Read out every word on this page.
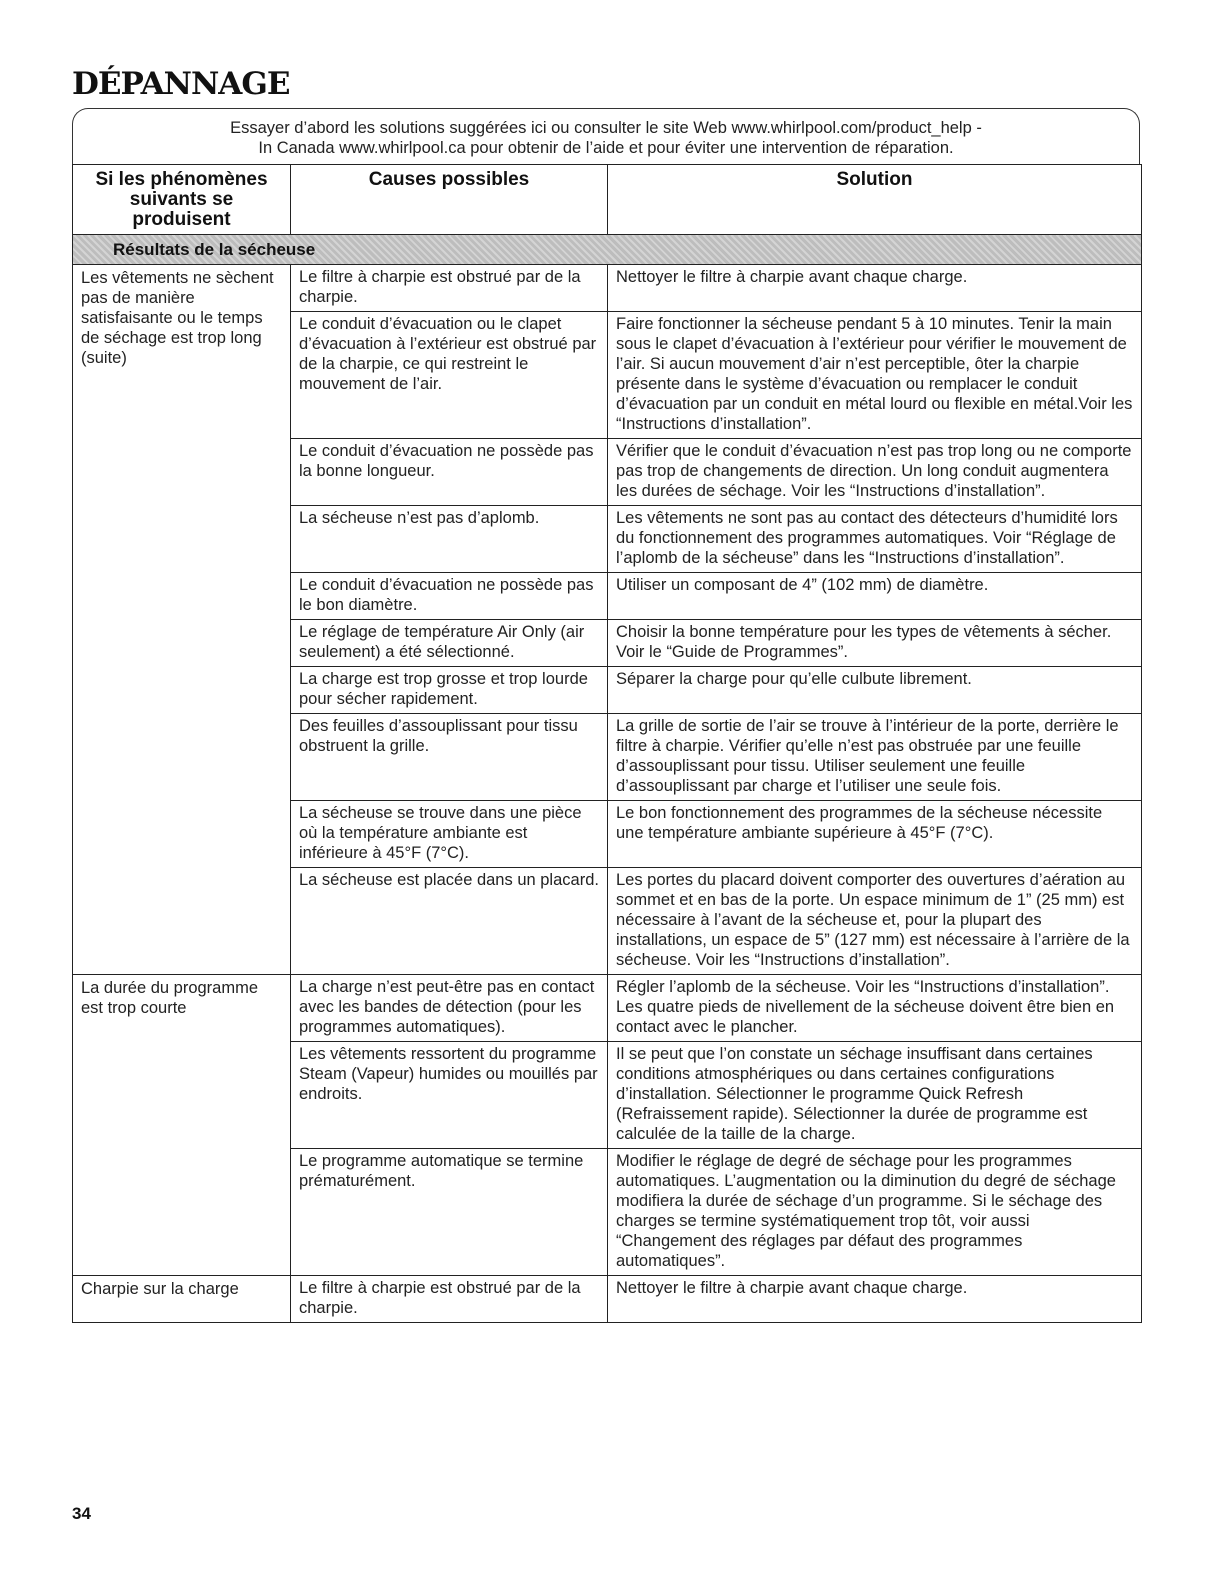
DÉPANNAGE
Essayer d’abord les solutions suggérées ici ou consulter le site Web www.whirlpool.com/product_help -
In Canada www.whirlpool.ca pour obtenir de l’aide et pour éviter une intervention de réparation.
Si les phénomènes suivants se produisent	Causes possibles	Solution
Résultats de la sécheuse		
Les vêtements ne sèchent pas de manière satisfaisante ou le temps de séchage est trop long (suite)	Le filtre à charpie est obstrué par de la charpie.	Nettoyer le filtre à charpie avant chaque charge.
	Le conduit d’évacuation ou le clapet d’évacuation à l’extérieur est obstrué par de la charpie, ce qui restreint le mouvement de l’air.	Faire fonctionner la sécheuse pendant 5 à 10 minutes. Tenir la main sous le clapet d’évacuation à l’extérieur pour vérifier le mouvement de l’air. Si aucun mouvement d’air n’est perceptible, ôter la charpie présente dans le système d’évacuation ou remplacer le conduit d’évacuation par un conduit en métal lourd ou flexible en métal.Voir les “Instructions d’installation”.
	Le conduit d’évacuation ne possède pas la bonne longueur.	Vérifier que le conduit d’évacuation n’est pas trop long ou ne comporte pas trop de changements de direction. Un long conduit augmentera les durées de séchage. Voir les “Instructions d’installation”.
	La sécheuse n’est pas d’aplomb.	Les vêtements ne sont pas au contact des détecteurs d’humidité lors du fonctionnement des programmes automatiques. Voir “Réglage de l’aplomb de la sécheuse” dans les “Instructions d’installation”.
	Le conduit d’évacuation ne possède pas le bon diamètre.	Utiliser un composant de 4” (102 mm) de diamètre.
	Le réglage de température Air Only (air seulement) a été sélectionné.	Choisir la bonne température pour les types de vêtements à sécher. Voir le “Guide de Programmes”.
	La charge est trop grosse et trop lourde pour sécher rapidement.	Séparer la charge pour qu’elle culbute librement.
	Des feuilles d’assouplissant pour tissu obstruent la grille.	La grille de sortie de l’air se trouve à l’intérieur de la porte, derrière le filtre à charpie. Vérifier qu’elle n’est pas obstruée par une feuille d’assouplissant pour tissu. Utiliser seulement une feuille d’assouplissant par charge et l’utiliser une seule fois.
	La sécheuse se trouve dans une pièce où la température ambiante est inférieure à 45°F (7°C).	Le bon fonctionnement des programmes de la sécheuse nécessite une température ambiante supérieure à 45°F (7°C).
	La sécheuse est placée dans un placard.	Les portes du placard doivent comporter des ouvertures d’aération au sommet et en bas de la porte. Un espace minimum de 1” (25 mm) est nécessaire à l’avant de la sécheuse et, pour la plupart des installations, un espace de 5” (127 mm) est nécessaire à l’arrière de la sécheuse. Voir les “Instructions d’installation”.
La durée du programme est trop courte	La charge n’est peut-être pas en contact avec les bandes de détection (pour les programmes automatiques).	Régler l’aplomb de la sécheuse. Voir les “Instructions d’installation”. Les quatre pieds de nivellement de la sécheuse doivent être bien en contact avec le plancher.
	Les vêtements ressortent du programme Steam (Vapeur) humides ou mouillés par endroits.	Il se peut que l’on constate un séchage insuffisant dans certaines conditions atmosphériques ou dans certaines configurations d’installation. Sélectionner le programme Quick Refresh (Refraissement rapide). Sélectionner la durée de programme est calculée de la taille de la charge.
	Le programme automatique se termine prématurément.	Modifier le réglage de degré de séchage pour les programmes automatiques. L’augmentation ou la diminution du degré de séchage modifiera la durée de séchage d’un programme. Si le séchage des charges se termine systématiquement trop tôt, voir aussi “Changement des réglages par défaut des programmes automatiques”.
Charpie sur la charge	Le filtre à charpie est obstrué par de la charpie.	Nettoyer le filtre à charpie avant chaque charge.
34
